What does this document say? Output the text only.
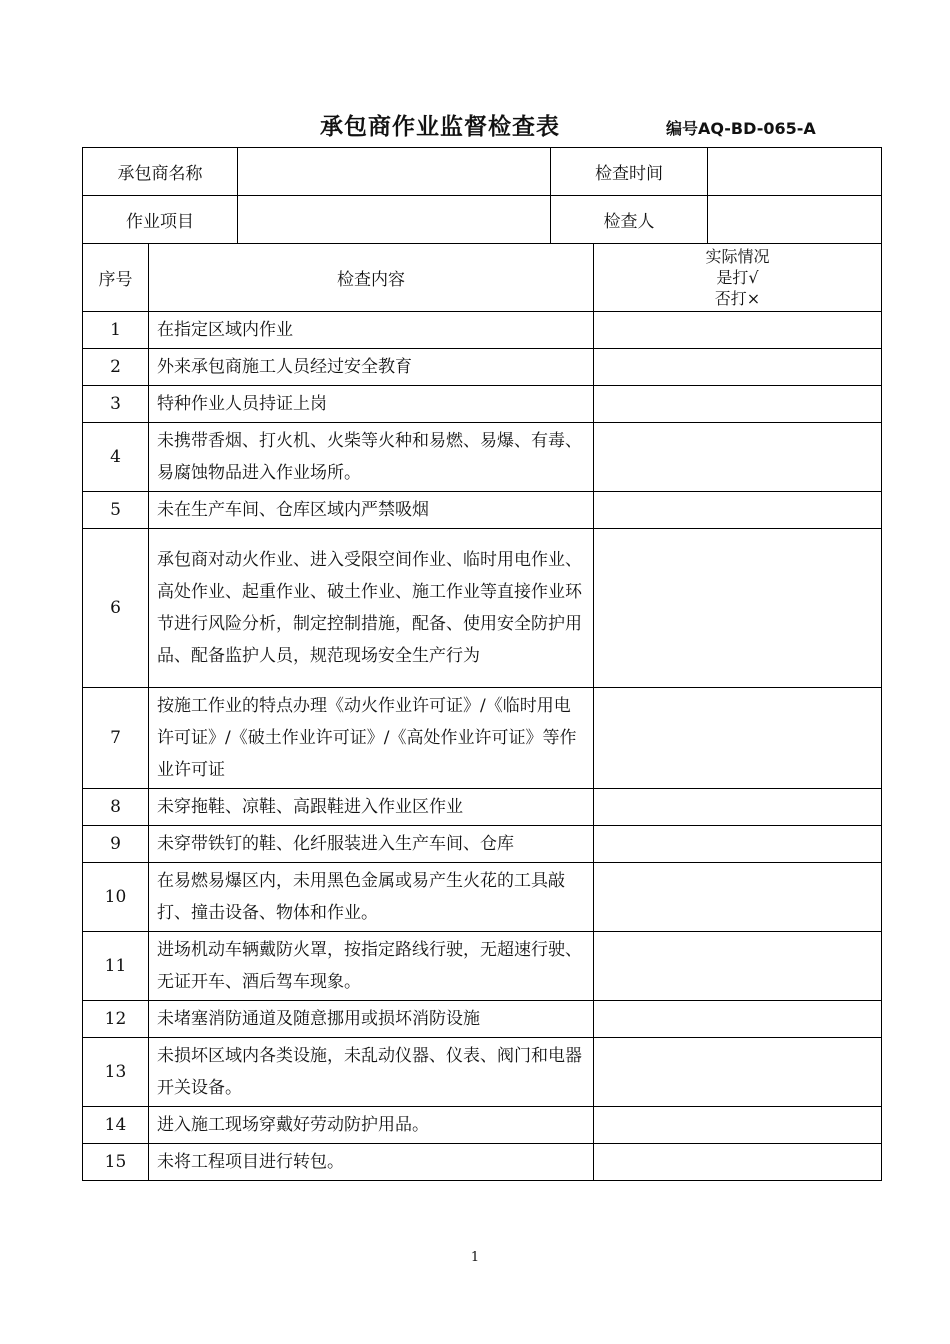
承包商作业监督检查表	编号AQ-BD-065-A
承包商名称		检查时间	
作业项目		检查人	
序号	检查内容	实际情况
是打√
否打×

1	在指定区域内作业	
2	外来承包商施工人员经过安全教育	
3	特种作业人员持证上岗	
4	未携带香烟、打火机、火柴等火种和易燃、易爆、有毒、易腐蚀物品进入作业场所。	
5	未在生产车间、仓库区域内严禁吸烟	
6	承包商对动火作业、进入受限空间作业、临时用电作业、高处作业、起重作业、破土作业、施工作业等直接作业环节进行风险分析，制定控制措施，配备、使用安全防护用品、配备监护人员，规范现场安全生产行为	
7	按施工作业的特点办理《动火作业许可证》/《临时用电许可证》/《破土作业许可证》/《高处作业许可证》等作业许可证	
8	未穿拖鞋、凉鞋、高跟鞋进入作业区作业	
9	未穿带铁钉的鞋、化纤服装进入生产车间、仓库	
10	在易燃易爆区内，未用黑色金属或易产生火花的工具敲打、撞击设备、物体和作业。	
11	进场机动车辆戴防火罩，按指定路线行驶，无超速行驶、无证开车、酒后驾车现象。	
12	未堵塞消防通道及随意挪用或损坏消防设施	
13	未损坏区域内各类设施，未乱动仪器、仪表、阀门和电器开关设备。	
14	进入施工现场穿戴好劳动防护用品。	
15	未将工程项目进行转包。	
1
